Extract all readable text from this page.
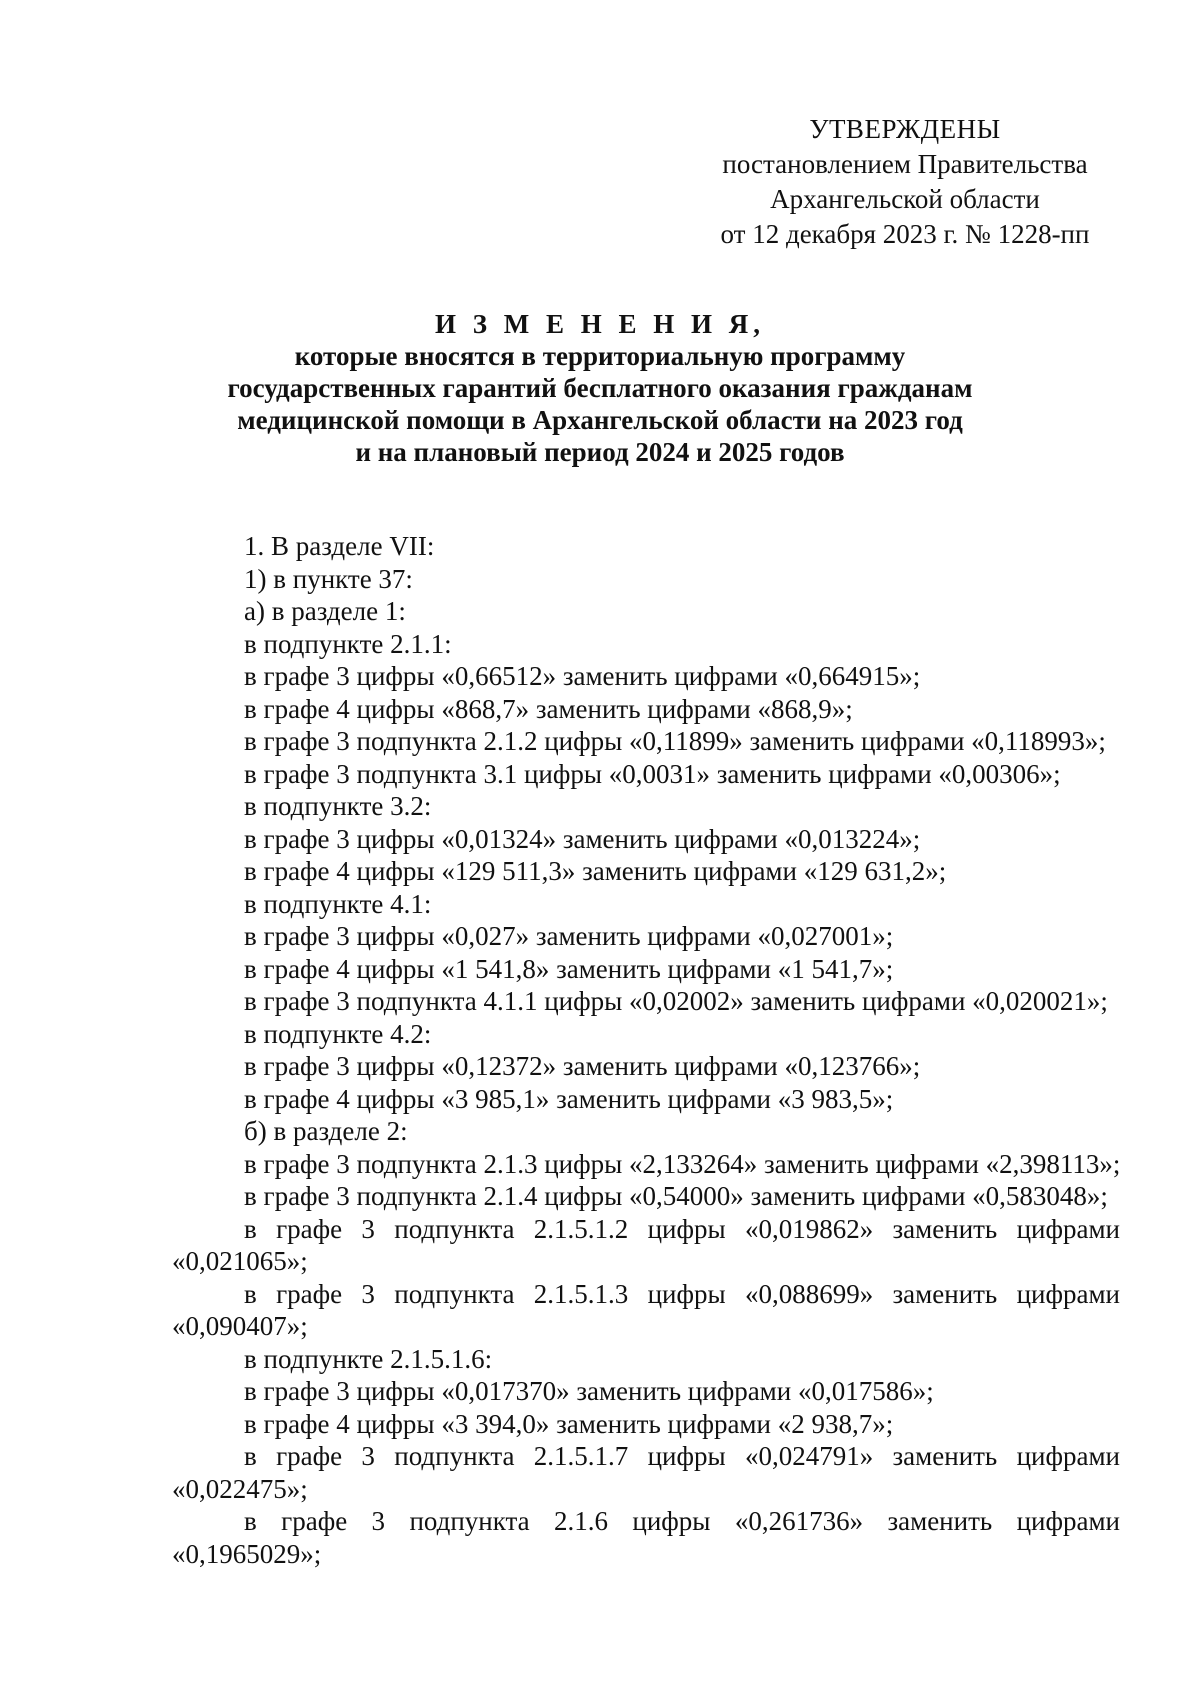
УТВЕРЖДЕНЫ
постановлением Правительства
Архангельской области
от 12 декабря 2023 г. № 1228-пп
И З М Е Н Е Н И Я,
которые вносятся в территориальную программу
государственных гарантий бесплатного оказания гражданам
медицинской помощи в Архангельской области на 2023 год
и на плановый период 2024 и 2025 годов
1. В разделе VII:
1) в пункте 37:
а) в разделе 1:
в подпункте 2.1.1:
в графе 3 цифры «0,66512» заменить цифрами «0,664915»;
в графе 4 цифры «868,7» заменить цифрами «868,9»;
в графе 3 подпункта 2.1.2 цифры «0,11899» заменить цифрами «0,118993»;
в графе 3 подпункта 3.1 цифры «0,0031» заменить цифрами «0,00306»;
в подпункте 3.2:
в графе 3 цифры «0,01324» заменить цифрами «0,013224»;
в графе 4 цифры «129 511,3» заменить цифрами «129 631,2»;
в подпункте 4.1:
в графе 3 цифры «0,027» заменить цифрами «0,027001»;
в графе 4 цифры «1 541,8» заменить цифрами «1 541,7»;
в графе 3 подпункта 4.1.1 цифры «0,02002» заменить цифрами «0,020021»;
в подпункте 4.2:
в графе 3 цифры «0,12372» заменить цифрами «0,123766»;
в графе 4 цифры «3 985,1» заменить цифрами «3 983,5»;
б) в разделе 2:
в графе 3 подпункта 2.1.3 цифры «2,133264» заменить цифрами «2,398113»;
в графе 3 подпункта 2.1.4 цифры «0,54000» заменить цифрами «0,583048»;
в графе 3 подпункта 2.1.5.1.2 цифры «0,019862» заменить цифрами «0,021065»;
в графе 3 подпункта 2.1.5.1.3 цифры «0,088699» заменить цифрами «0,090407»;
в подпункте 2.1.5.1.6:
в графе 3 цифры «0,017370» заменить цифрами «0,017586»;
в графе 4 цифры «3 394,0» заменить цифрами «2 938,7»;
в графе 3 подпункта 2.1.5.1.7 цифры «0,024791» заменить цифрами «0,022475»;
в графе 3 подпункта 2.1.6 цифры «0,261736» заменить цифрами «0,1965029»;
